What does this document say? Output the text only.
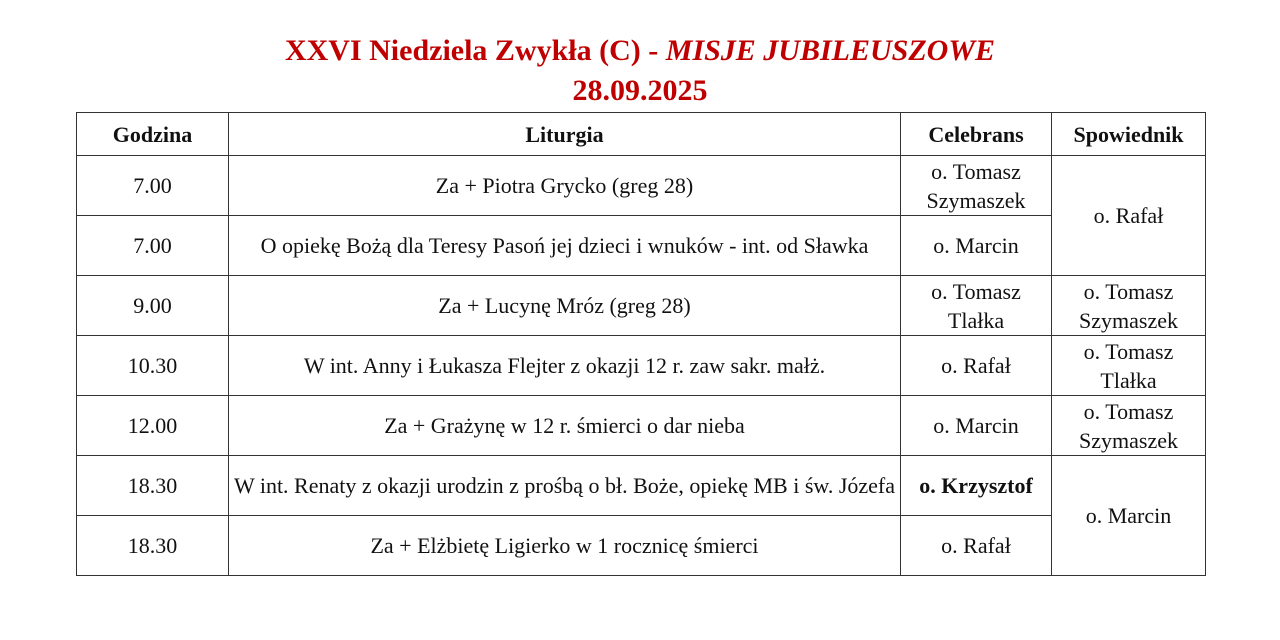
XXVI Niedziela Zwykła (C) - MISJE JUBILEUSZOWE
28.09.2025
Godzina	Liturgia	Celebrans	Spowiednik
7.00	Za + Piotra Grycko (greg 28)	o. Tomasz Szymaszek	o. Rafał
7.00	O opiekę Bożą dla Teresy Pasoń jej dzieci i wnuków - int. od Sławka	o. Marcin	
9.00	Za + Lucynę Mróz (greg 28)	o. Tomasz Tlałka	o. Tomasz Szymaszek
10.30	W int. Anny i Łukasza Flejter z okazji 12 r. zaw sakr. małż.	o. Rafał	o. Tomasz Tlałka
12.00	Za + Grażynę w 12 r. śmierci o dar nieba	o. Marcin	o. Tomasz Szymaszek
18.30	W int. Renaty z okazji urodzin z prośbą o bł. Boże, opiekę MB i św. Józefa	o. Krzysztof	o. Marcin
18.30	Za + Elżbietę Ligierko w 1 rocznicę śmierci	o. Rafał	
